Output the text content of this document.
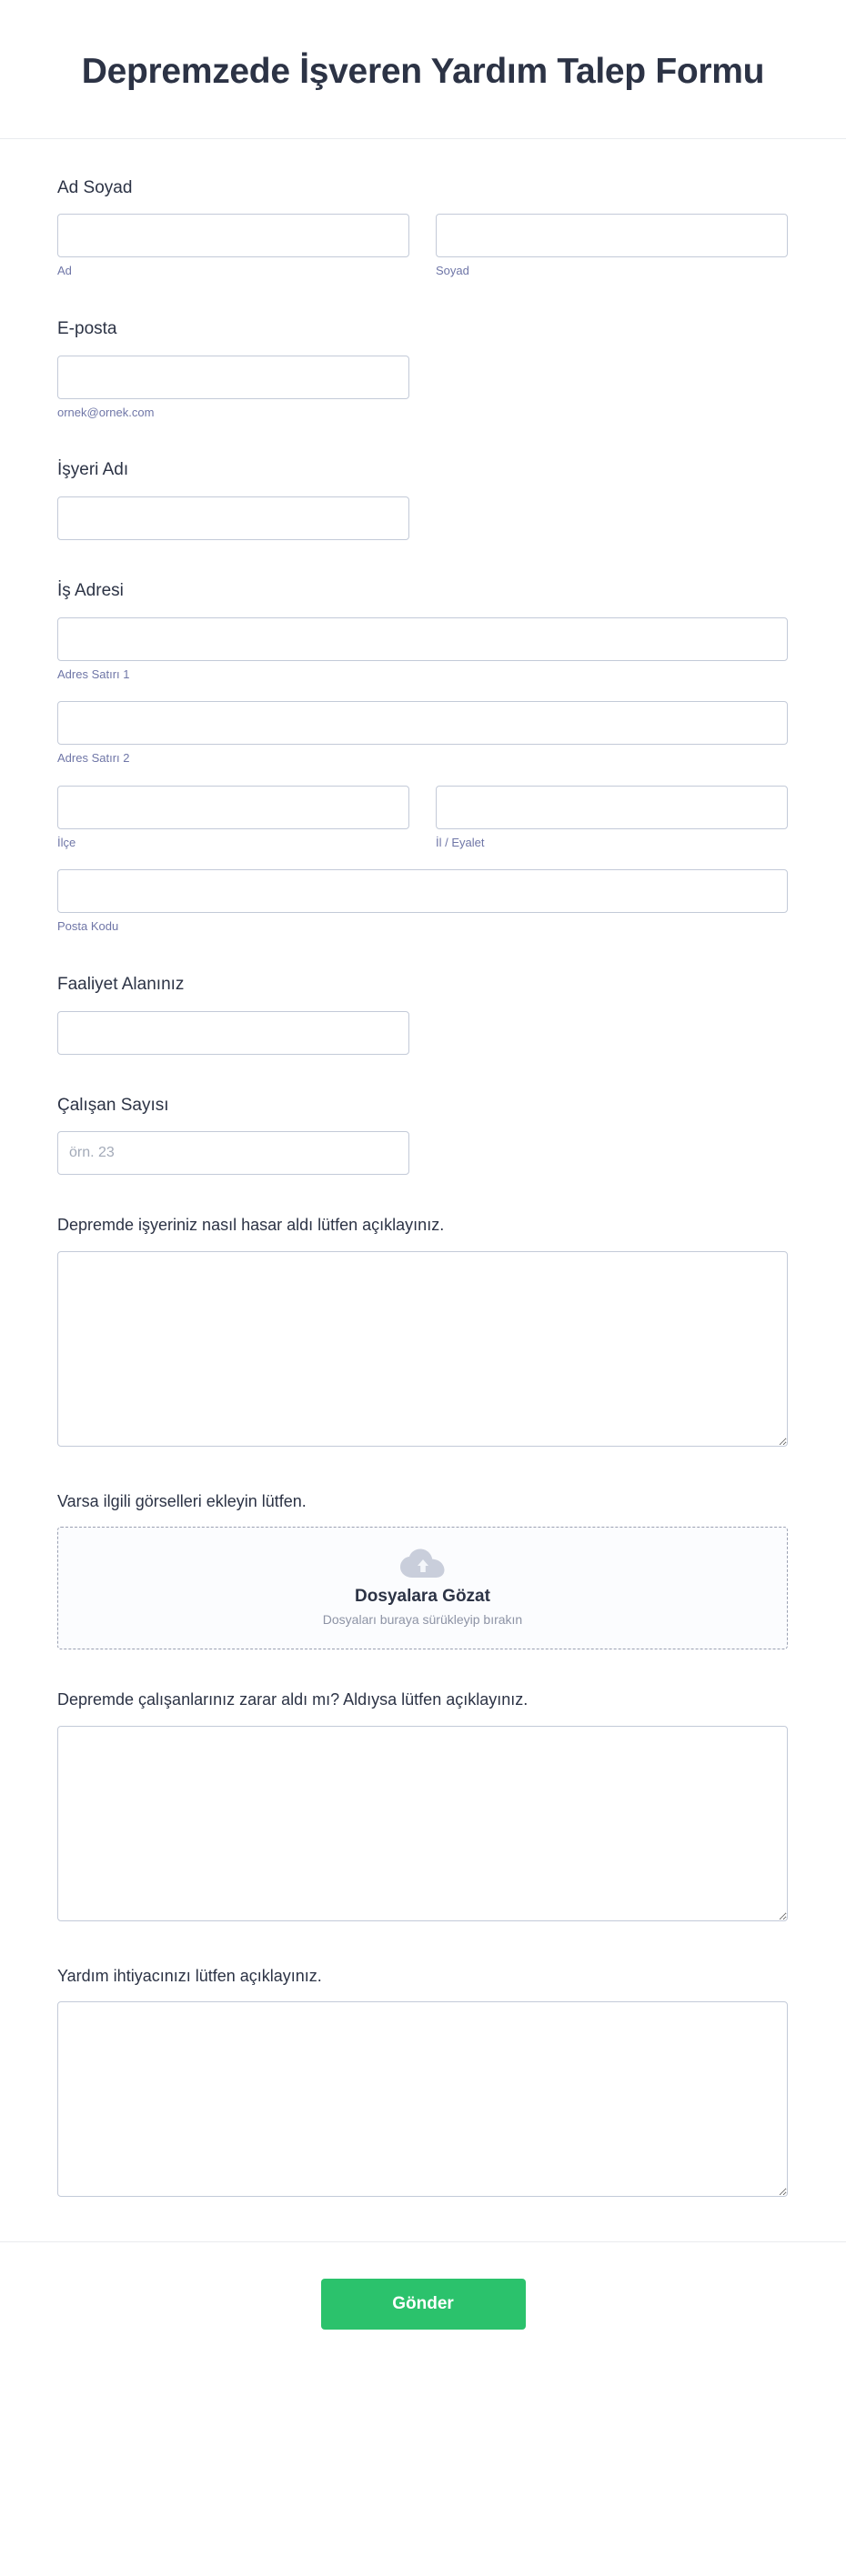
Depremzede İşveren Yardım Talep Formu
Ad Soyad
Ad	Soyad
E-posta
ornek@ornek.com
İşyeri Adı
İş Adresi
Adres Satırı 1
Adres Satırı 2
İlçe	İl / Eyalet
Posta Kodu
Faaliyet Alanınız
Çalışan Sayısı
örn. 23
Depremde işyeriniz nasıl hasar aldı lütfen açıklayınız.
Varsa ilgili görselleri ekleyin lütfen.
Dosyalara Gözat
Dosyaları buraya sürükleyip bırakın
Depremde çalışanlarınız zarar aldı mı? Aldıysa lütfen açıklayınız.
Yardım ihtiyacınızı lütfen açıklayınız.
Gönder
